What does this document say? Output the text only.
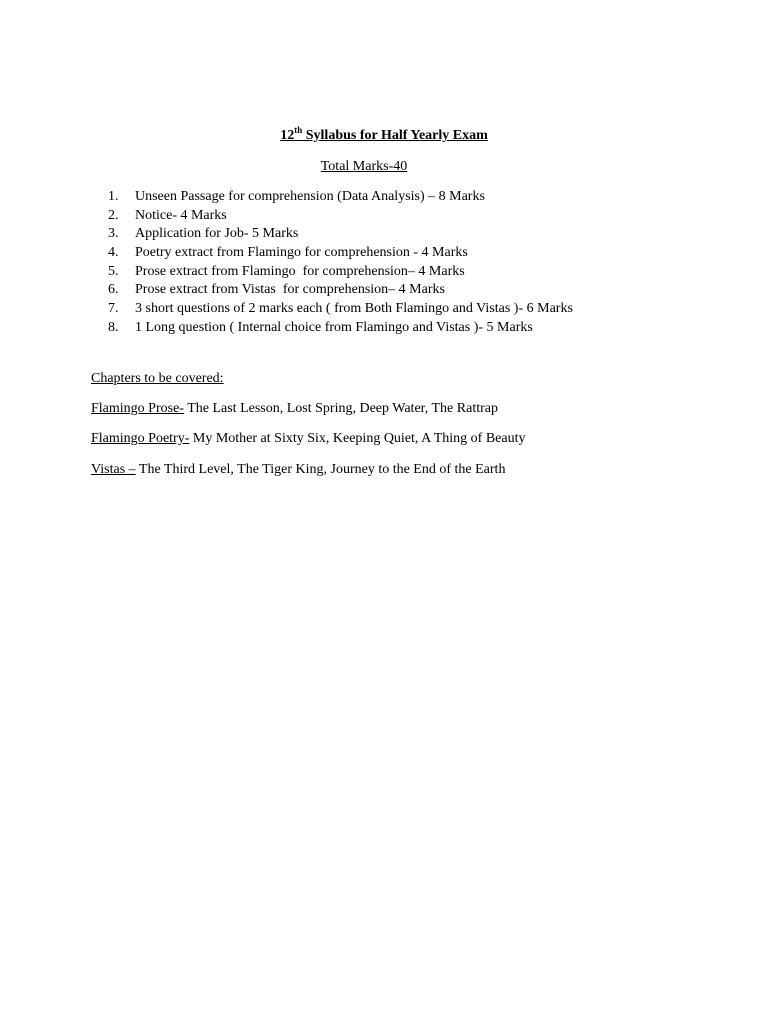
12th Syllabus for Half Yearly Exam
Total Marks-40
1. Unseen Passage for comprehension (Data Analysis) – 8 Marks
2. Notice- 4 Marks
3. Application for Job- 5 Marks
4. Poetry extract from Flamingo for comprehension - 4 Marks
5. Prose extract from Flamingo  for comprehension– 4 Marks
6. Prose extract from Vistas  for comprehension– 4 Marks
7. 3 short questions of 2 marks each ( from Both Flamingo and Vistas )- 6 Marks
8. 1 Long question ( Internal choice from Flamingo and Vistas )- 5 Marks
Chapters to be covered:
Flamingo Prose- The Last Lesson, Lost Spring, Deep Water, The Rattrap
Flamingo Poetry- My Mother at Sixty Six, Keeping Quiet, A Thing of Beauty
Vistas – The Third Level, The Tiger King, Journey to the End of the Earth
